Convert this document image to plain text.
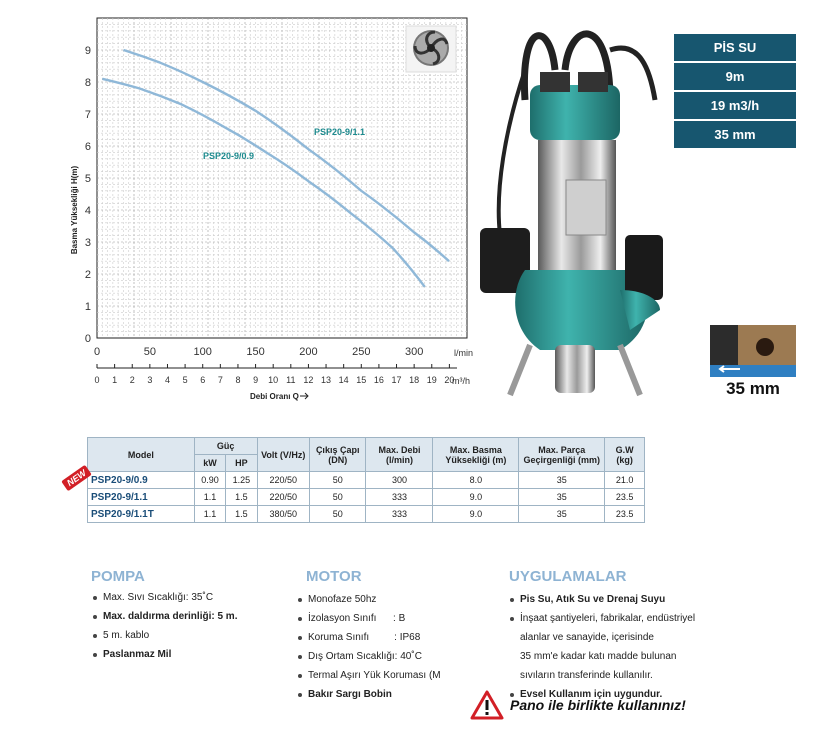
0
1
2
3
4
5
6
7
8
9
0	50	100	150	200	250	300
0 1 2 3 4 5 6 7 8 9 10 11 12 13 14 15 16 17 18 19 20
Basma Yüksekliği H(m)
l/min
m³/h
Debi Oranı Q
PSP20-9/1.1
PSP20-9/0.9
PİS SU
9m
19 m3/h
35 mm
35 mm
Model	Güç		Volt (V/Hz)	Çıkış Çapı (DN)	Max. Debi (l/min)	Max. Basma Yüksekliği (m)	Max. Parça Geçirgenliği (mm)	G.W (kg)
	kW	HP						
PSP20-9/0.9	0.90	1.25	220/50	50	300	8.0	35	21.0
PSP20-9/1.1	1.1	1.5	220/50	50	333	9.0	35	23.5
PSP20-9/1.1T	1.1	1.5	380/50	50	333	9.0	35	23.5
NEW
POMPA
Max. Sıvı Sıcaklığı: 35˚C
Max. daldırma derinliği: 5 m.
5 m. kablo
Paslanmaz Mil
MOTOR
Monofaze 50hz
İzolasyon Sınıfı      : B
Koruma Sınıfı         : IP68
Dış Ortam Sıcaklığı: 40˚C
Termal Aşırı Yük Koruması (M
Bakır Sargı Bobin
UYGULAMALAR
Pis Su, Atık Su ve Drenaj Suyu
İnşaat şantiyeleri, fabrikalar, endüstriyel
alanlar ve sanayide, içerisinde
35 mm'e kadar katı madde bulunan
sıvıların transferinde kullanılır.
Evsel Kullanım için uygundur.
Pano ile birlikte kullanınız!
